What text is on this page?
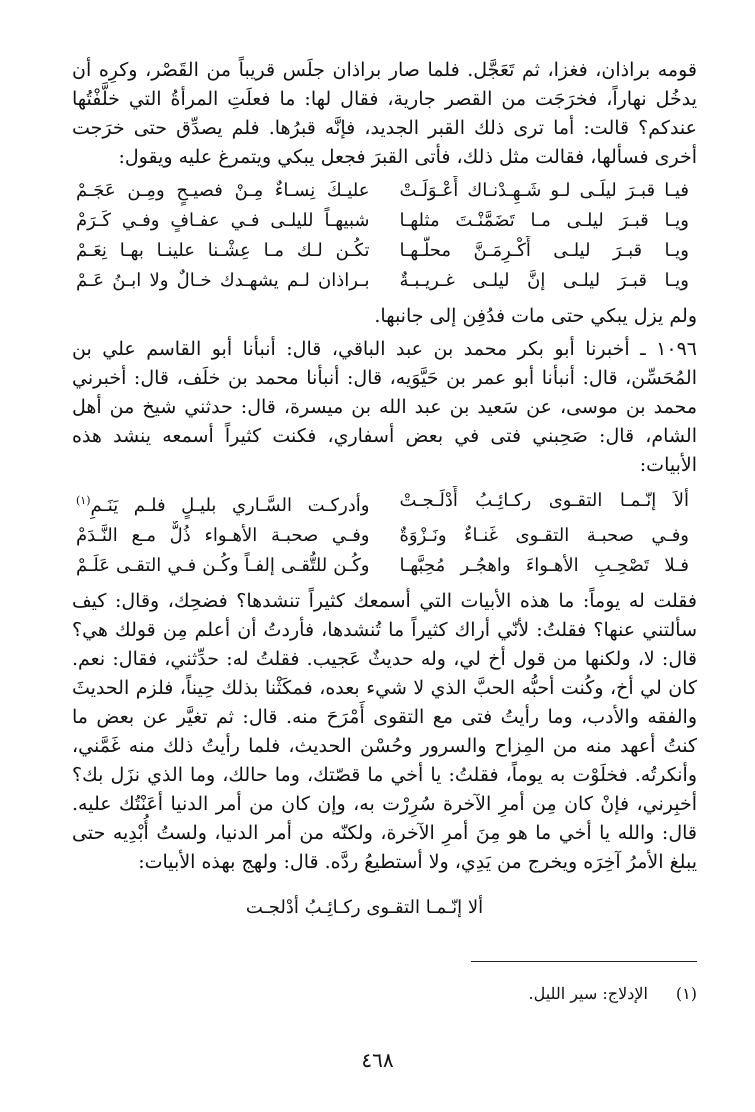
قومه براذان، فغزا، ثم تَعَجَّل. فلما صار براذان جلَس قريباً من القَصْر، وكرِه أن يدخُل نهاراً، فخرَجَت من القصر جارية، فقال لها: ما فعلَتِ المرأةُ التي خلَّفْتُها عندكم؟ قالت: أما ترى ذلك القبر الجديد، فإنَّه قبرُها. فلم يصدِّق حتى خرَجت أخرى فسألها، فقالت مثل ذلك، فأتى القبرَ فجعل يبكي ويتمرغ عليه ويقول:

فيـا قبـرَ ليلَـى لـو شَـهِـدْنـاك أَعْـوَلَـتْ
عليـكَ نِسـاءٌ مِـنْ فصيـحٍ ومِـن عَجَـمْ
ويـا قبـرَ ليلـى مـا تَضَمَّنْـتَ مثلهـا
شبيهـاً لليلـى فـي عفـافٍ وفـي كَـرَمْ
ويـا قبـرَ ليلـى أَكْـرِمَـنَّ محلَّـهـا
تكُـن لـك مـا عِشْـنا علينـا بهـا نِعَـمْ
ويـا قبـرَ ليلـى إنَّ ليلـى غـريـبـةٌ
بـراذان لـم يشهـدك خـالٌ ولا ابـنُ عَـمْ

ولم يزل يبكي حتى مات فدُفِن إلى جانبها.

١٠٩٦ ـ أخبرنا أبو بكر محمد بن عبد الباقي، قال: أنبأنا أبو القاسم علي بن المُحَسِّن، قال: أنبأنا أبو عمر بن حَيَّوَيه، قال: أنبأنا محمد بن خلَف، قال: أخبرني محمد بن موسى، عن سَعيد بن عبد الله بن ميسرة، قال: حدثني شيخ من أهل الشام، قال: صَحِبني فتى في بعض أسفاري، فكنت كثيراً أسمعه ينشد هذه الأبيات:

ألاَ إنّـمـا التقـوى ركـائِـبُ أَدْلَـجـتْ
وأدركـت السَّـاري بليـلٍ فلـم يَنَـمِ$^{(١)}$
وفـي صحبـة التقـوى غَنـاءٌ ونَـزْوَةٌ
وفـي صحبـة الأهـواء ذُلٌّ مـع النَّـدَمْ
فـلا تَصْحِـبِ الأهـواءَ واهجُـر مُحِبَّهـا
وكُـن للتُّقـى إلفـاً وكُـن فـي التقـى عَلَـمْ

فقلت له يوماً: ما هذه الأبيات التي أسمعك كثيراً تنشدها؟ فضحِك، وقال: كيف سألتني عنها؟ فقلتُ: لأنّي أراك كثيراً ما تُنشدها، فأردتُ أن أعلم مِن قولك هي؟ قال: لا، ولكنها من قول أخ لي، وله حديثٌ عَجيب. فقلتُ له: حدِّثني، فقال: نعم. كان لي أخ، وكُنت أحبُّه الحبَّ الذي لا شيء بعده، فمكَثْنا بذلك حِيناً، فلزم الحديثَ والفقه والأدب، وما رأيتُ فتى مع التقوى أَمْرَحَ منه. قال: ثم تغيَّر عن بعض ما كنتُ أعهد منه من المِزاح والسرور وحُسْن الحديث، فلما رأيتُ ذلك منه غَمَّني، وأنكرتُه. فخلَوْت به يوماً، فقلتُ: يا أخي ما قصّتك، وما حالك، وما الذي نزَل بك؟ أخبِرني، فإنْ كان مِن أمرِ الآخرة سُرِرْت به، وإن كان من أمر الدنيا أعَنْتُك عليه. قال: والله يا أخي ما هو مِنَ أمرِ الآخرة، ولكنّه من أمر الدنيا، ولستُ أُبْدِيه حتى يبلغ الأمرُ آخِرَه ويخرج من يَدِي، ولا أستطيعُ ردَّه. قال: ولهج بهذه الأبيات:

ألا إنّـمـا التقـوى ركـائِـبُ أدْلجـت
(١)الإدلاج: سير الليل.
٤٦٨
